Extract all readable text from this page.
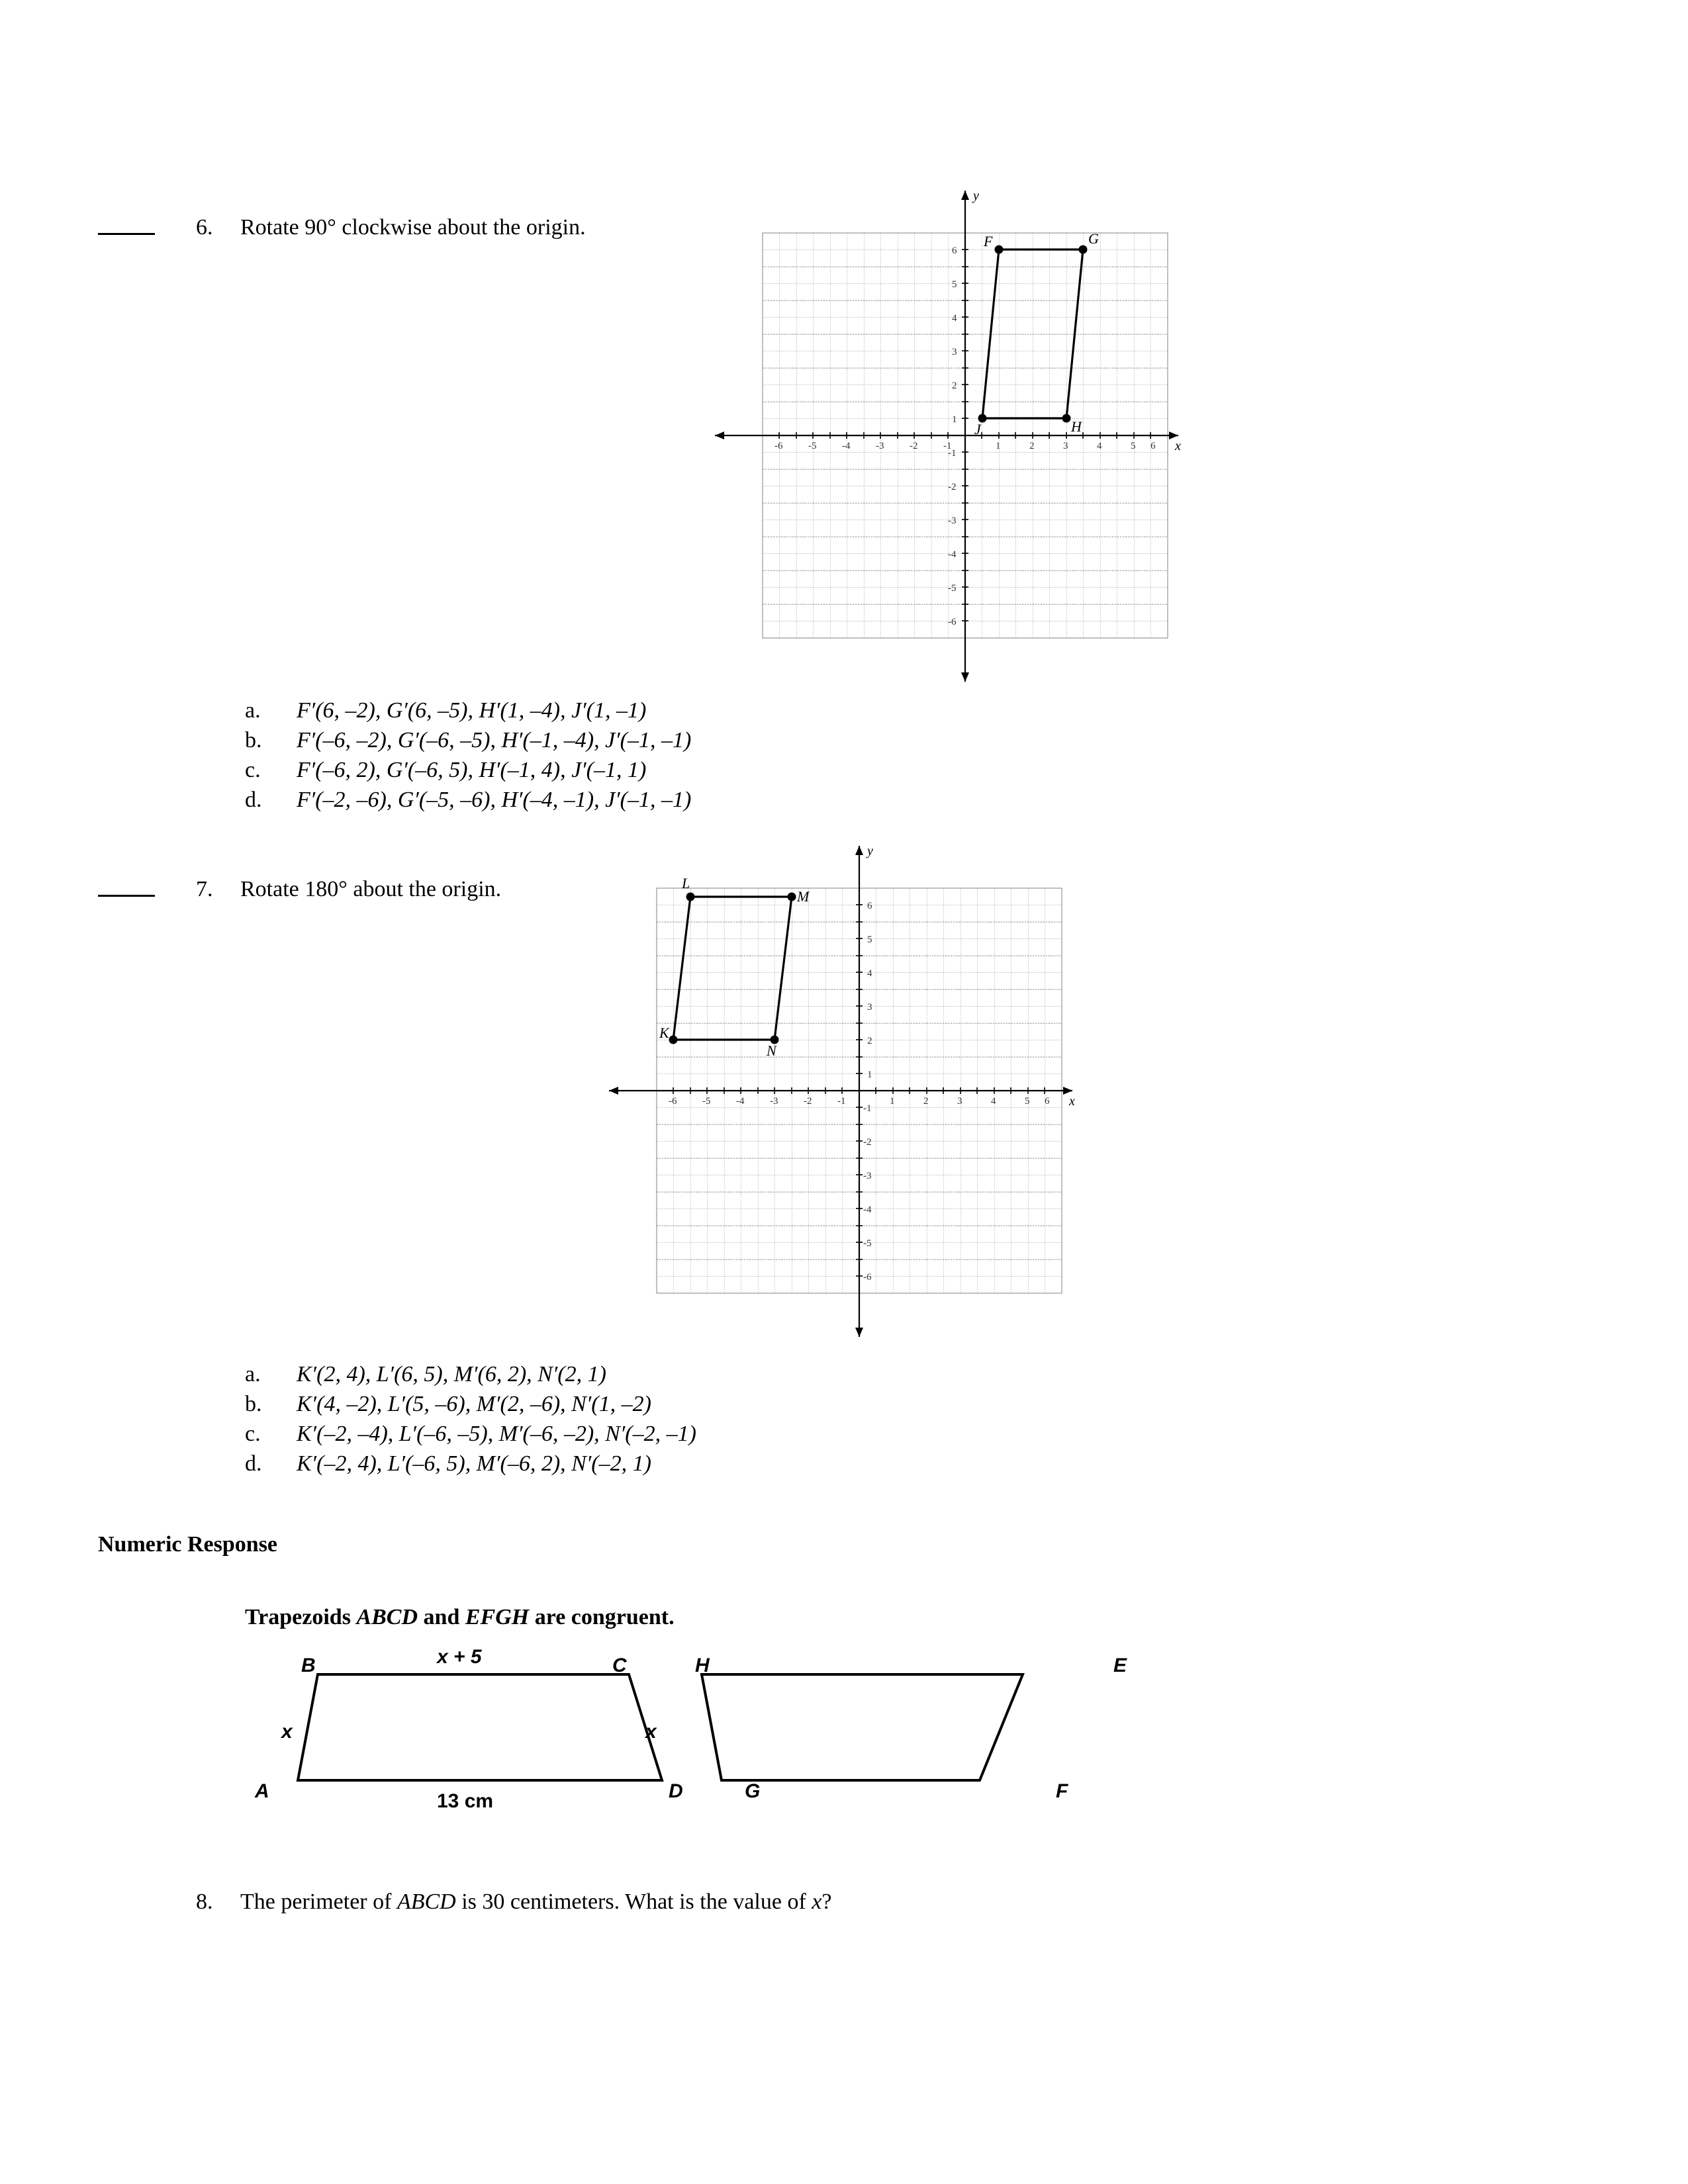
6. Rotate 90° clockwise about the origin.
-6	-5	-4	-3	-2	-1	1	2	3	4	5 6
6
5
4
3
2
1
-1
-2
-3
-4
-5
-6
y
x
F	G
H
J
a. F′(6, –2), G′(6, –5), H′(1, –4), J′(1, –1)
b. F′(–6, –2), G′(–6, –5), H′(–1, –4), J′(–1, –1)
c. F′(–6, 2), G′(–6, 5), H′(–1, 4), J′(–1, 1)
d. F′(–2, –6), G′(–5, –6), H′(–4, –1), J′(–1, –1)
7. Rotate 180° about the origin.
-6	-5	-4	-3	-2	-1	1	2	3	4	5 6
6
5
4
3
2
1
-1
-2
-3
-4
-5
-6
y
x
L
M
N
K
a. K′(2, 4), L′(6, 5), M′(6, 2), N′(2, 1)
b. K′(4, –2), L′(5, –6), M′(2, –6), N′(1, –2)
c. K′(–2, –4), L′(–6, –5), M′(–6, –2), N′(–2, –1)
d. K′(–2, 4), L′(–6, 5), M′(–6, 2), N′(–2, 1)
Numeric Response
Trapezoids ABCD and EFGH are congruent.
B	C
A	D
x + 5
x	x
13 cm
H	E
G	F
8. The perimeter of ABCD is 30 centimeters. What is the value of x?
